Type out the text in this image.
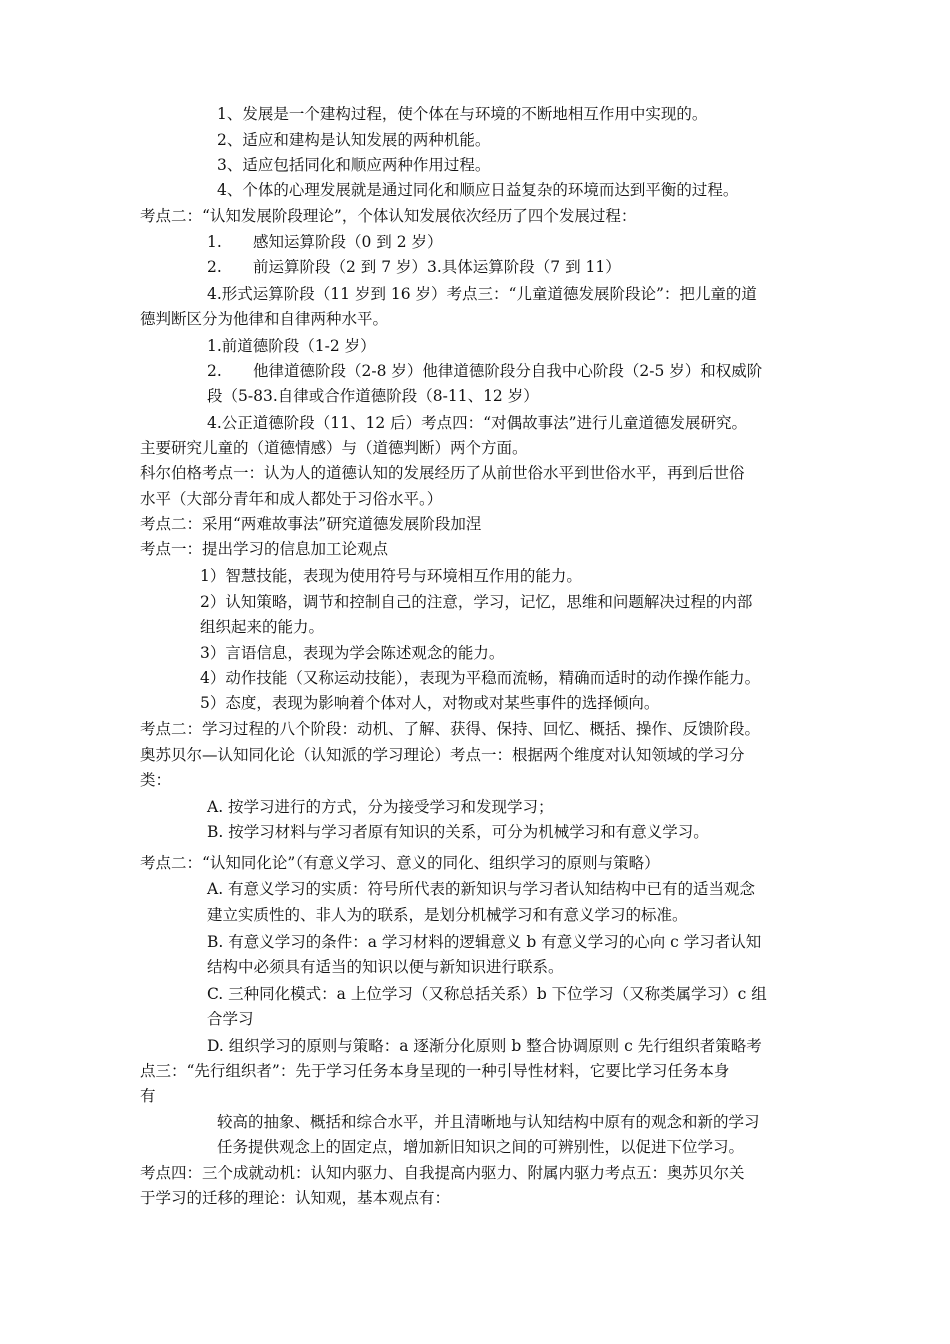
1、发展是一个建构过程，使个体在与环境的不断地相互作用中实现的。
2、适应和建构是认知发展的两种机能。
3、适应包括同化和顺应两种作用过程。
4、个体的心理发展就是通过同化和顺应日益复杂的环境而达到平衡的过程。
考点二：“认知发展阶段理论”，个体认知发展依次经历了四个发展过程：
1. 感知运算阶段（0 到 2 岁）
2. 前运算阶段（2 到 7 岁）3.具体运算阶段（7 到 11）
4.形式运算阶段（11 岁到 16 岁）考点三：“儿童道德发展阶段论”：把儿童的道
德判断区分为他律和自律两种水平。
1.前道德阶段（1-2 岁）
2. 他律道德阶段（2-8 岁）他律道德阶段分自我中心阶段（2-5 岁）和权威阶
段（5-83.自律或合作道德阶段（8-11、12 岁）
4.公正道德阶段（11、12 后）考点四：“对偶故事法”进行儿童道德发展研究。
主要研究儿童的（道德情感）与（道德判断）两个方面。
科尔伯格考点一：认为人的道德认知的发展经历了从前世俗水平到世俗水平，再到后世俗
水平（大部分青年和成人都处于习俗水平。）
考点二：采用“两难故事法”研究道德发展阶段加涅
考点一：提出学习的信息加工论观点
1）智慧技能，表现为使用符号与环境相互作用的能力。
2）认知策略，调节和控制自己的注意，学习，记忆，思维和问题解决过程的内部
组织起来的能力。
3）言语信息，表现为学会陈述观念的能力。
4）动作技能（又称运动技能），表现为平稳而流畅，精确而适时的动作操作能力。
5）态度，表现为影响着个体对人，对物或对某些事件的选择倾向。
考点二：学习过程的八个阶段：动机、了解、获得、保持、回忆、概括、操作、反馈阶段。
奥苏贝尔—认知同化论（认知派的学习理论）考点一：根据两个维度对认知领域的学习分
类：
A. 按学习进行的方式，分为接受学习和发现学习；
B. 按学习材料与学习者原有知识的关系，可分为机械学习和有意义学习。
考点二：“认知同化论”（有意义学习、意义的同化、组织学习的原则与策略）
A. 有意义学习的实质：符号所代表的新知识与学习者认知结构中已有的适当观念
建立实质性的、非人为的联系，是划分机械学习和有意义学习的标准。
B. 有意义学习的条件：a 学习材料的逻辑意义 b 有意义学习的心向 c 学习者认知
结构中必须具有适当的知识以便与新知识进行联系。
C. 三种同化模式：a 上位学习（又称总括关系）b 下位学习（又称类属学习）c 组
合学习
D. 组织学习的原则与策略：a 逐渐分化原则 b 整合协调原则 c 先行组织者策略考
点三：“先行组织者”：先于学习任务本身呈现的一种引导性材料，它要比学习任务本身
有
较高的抽象、概括和综合水平，并且清晰地与认知结构中原有的观念和新的学习
任务提供观念上的固定点，增加新旧知识之间的可辨别性，以促进下位学习。
考点四：三个成就动机：认知内驱力、自我提高内驱力、附属内驱力考点五：奥苏贝尔关
于学习的迁移的理论：认知观，基本观点有：
